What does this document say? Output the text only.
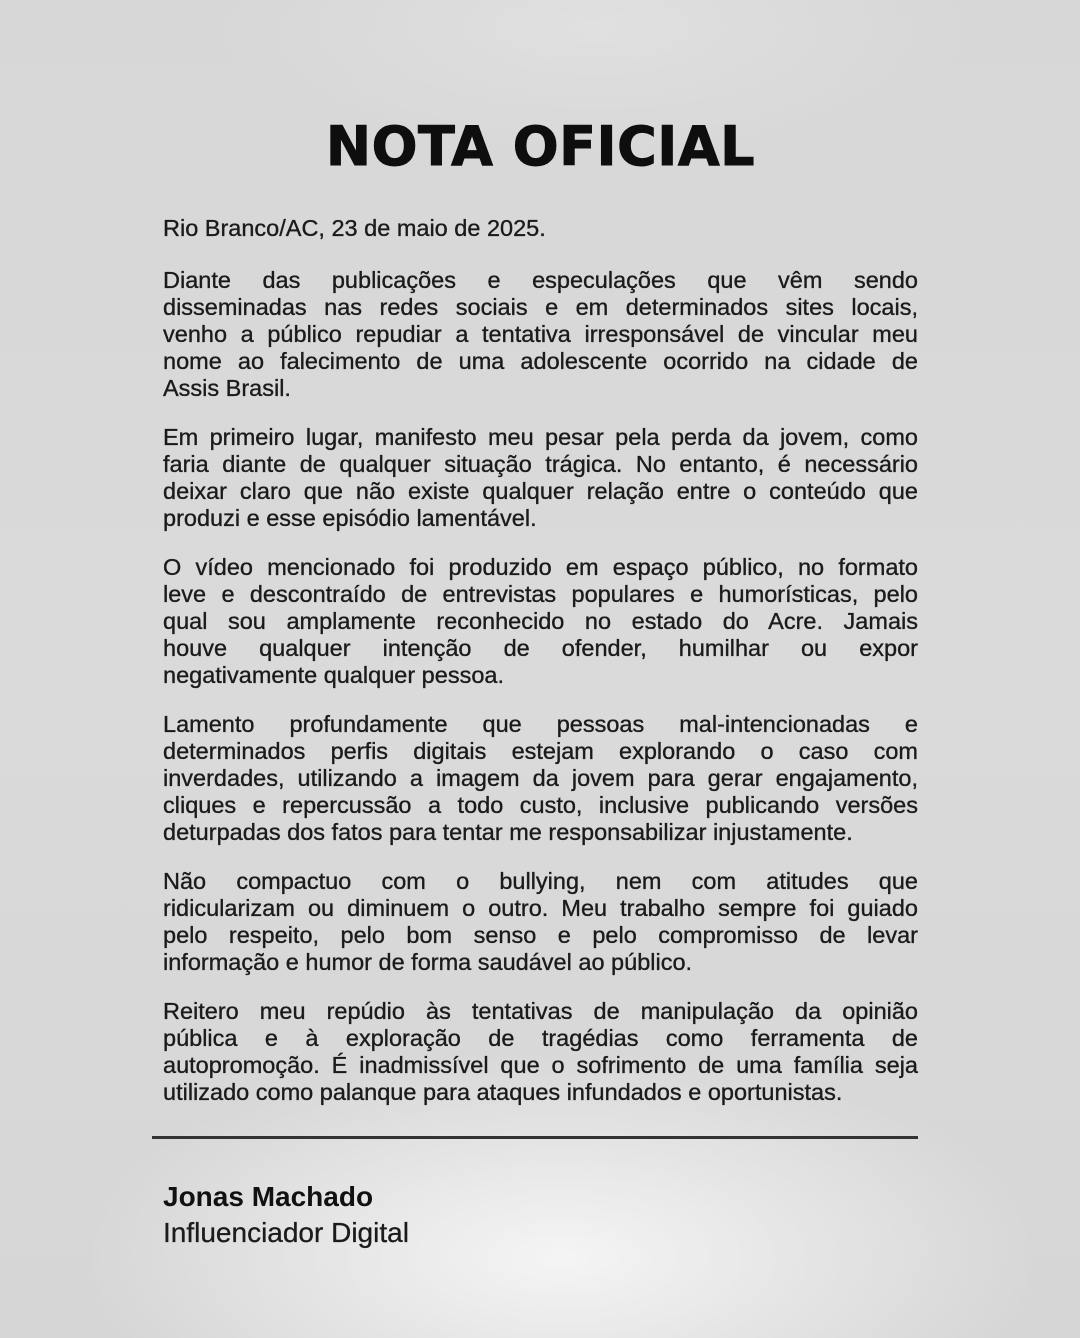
NOTA OFICIAL

Rio Branco/AC, 23 de maio de 2025.

Diante das publicações e especulações que vêm sendo
disseminadas nas redes sociais e em determinados sites locais,
venho a público repudiar a tentativa irresponsável de vincular meu
nome ao falecimento de uma adolescente ocorrido na cidade de
Assis Brasil.

Em primeiro lugar, manifesto meu pesar pela perda da jovem, como
faria diante de qualquer situação trágica. No entanto, é necessário
deixar claro que não existe qualquer relação entre o conteúdo que
produzi e esse episódio lamentável.

O vídeo mencionado foi produzido em espaço público, no formato
leve e descontraído de entrevistas populares e humorísticas, pelo
qual sou amplamente reconhecido no estado do Acre. Jamais
houve qualquer intenção de ofender, humilhar ou expor
negativamente qualquer pessoa.

Lamento profundamente que pessoas mal-intencionadas e
determinados perfis digitais estejam explorando o caso com
inverdades, utilizando a imagem da jovem para gerar engajamento,
cliques e repercussão a todo custo, inclusive publicando versões
deturpadas dos fatos para tentar me responsabilizar injustamente.

Não compactuo com o bullying, nem com atitudes que
ridicularizam ou diminuem o outro. Meu trabalho sempre foi guiado
pelo respeito, pelo bom senso e pelo compromisso de levar
informação e humor de forma saudável ao público.

Reitero meu repúdio às tentativas de manipulação da opinião
pública e à exploração de tragédias como ferramenta de
autopromoção. É inadmissível que o sofrimento de uma família seja
utilizado como palanque para ataques infundados e oportunistas.

Jonas Machado

Influenciador Digital
